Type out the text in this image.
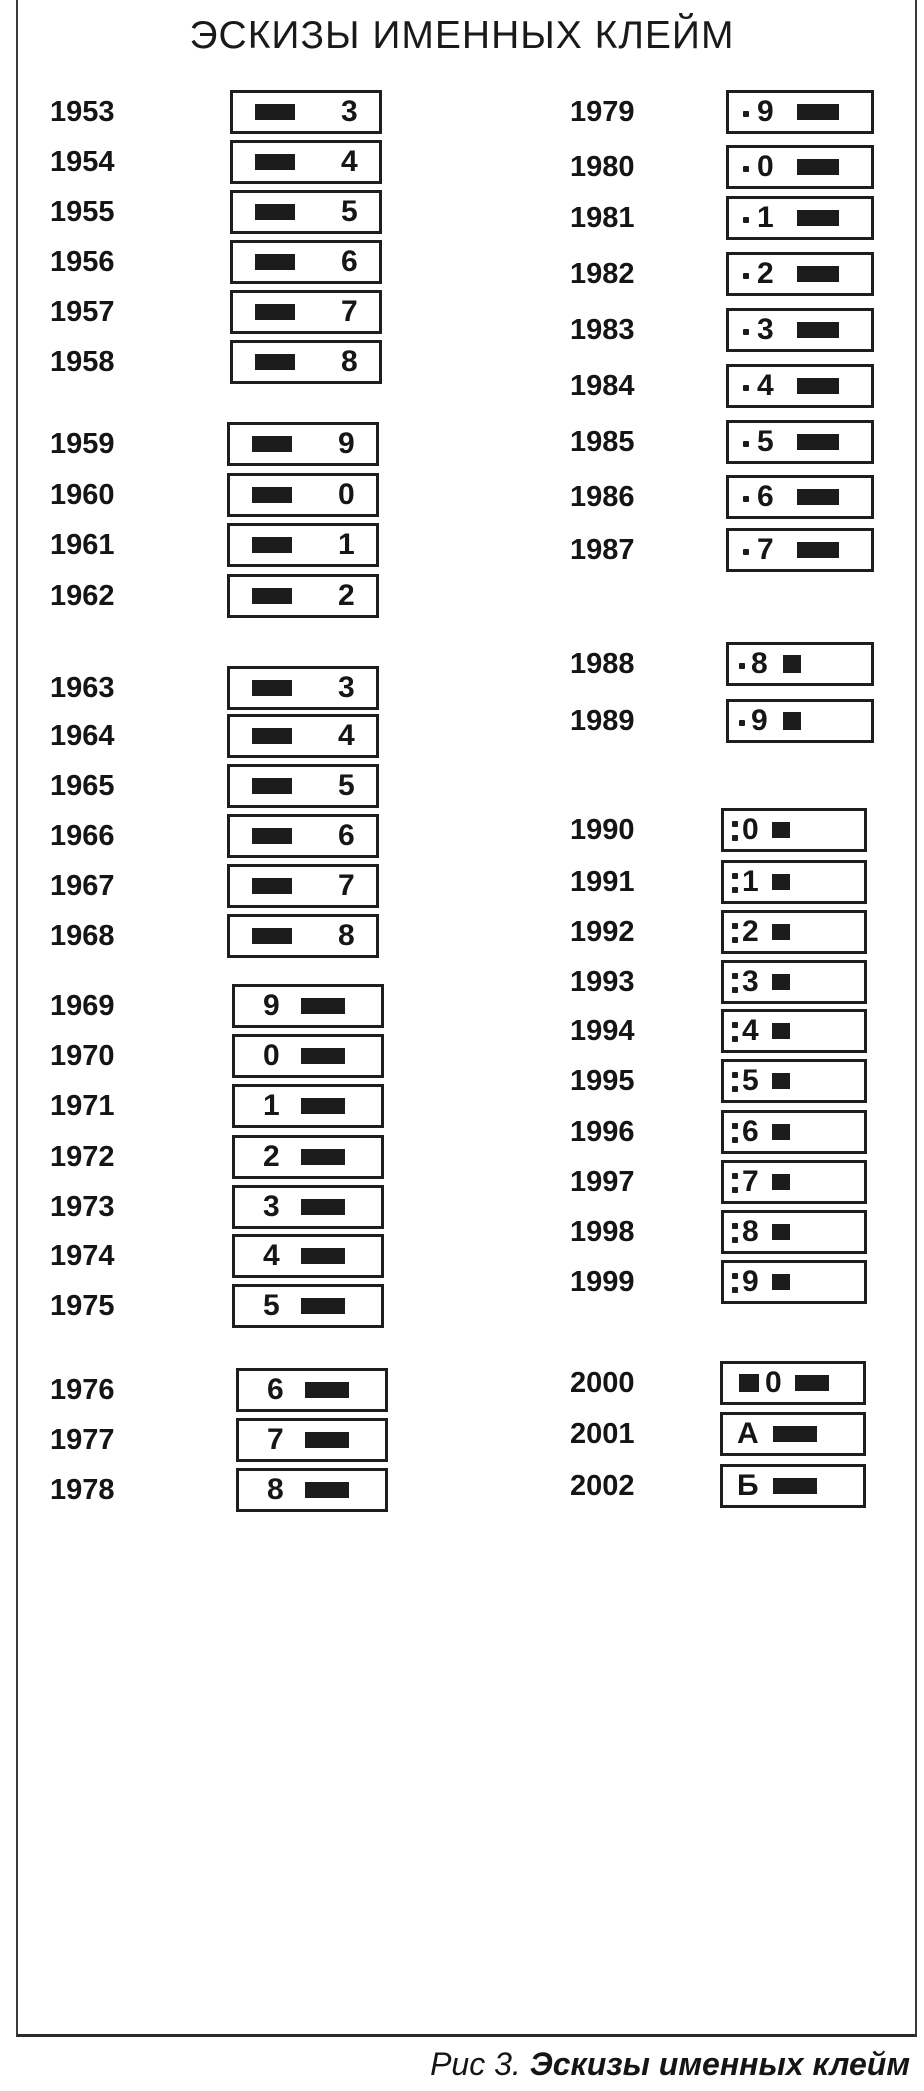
ЭСКИЗЫ ИМЕННЫХ КЛЕЙМ
1953	3
1954	4
1955	5
1956	6
1957	7
1958	8
1959	9
1960	0
1961	1
1962	2
1963	3
1964	4
1965	5
1966	6
1967	7
1968	8
1969	9
1970	0
1971	1
1972	2
1973	3
1974	4
1975	5
1976	6
1977	7
1978	8
1979	9
1980	0
1981	1
1982	2
1983	3
1984	4
1985	5
1986	6
1987	7
1988	8
1989	9
1990	0
1991	1
1992	2
1993	3
1994	4
1995	5
1996	6
1997	7
1998	8
1999	9
2000	0
2001	А
2002	Б
Рис 3. Эскизы именных клейм
